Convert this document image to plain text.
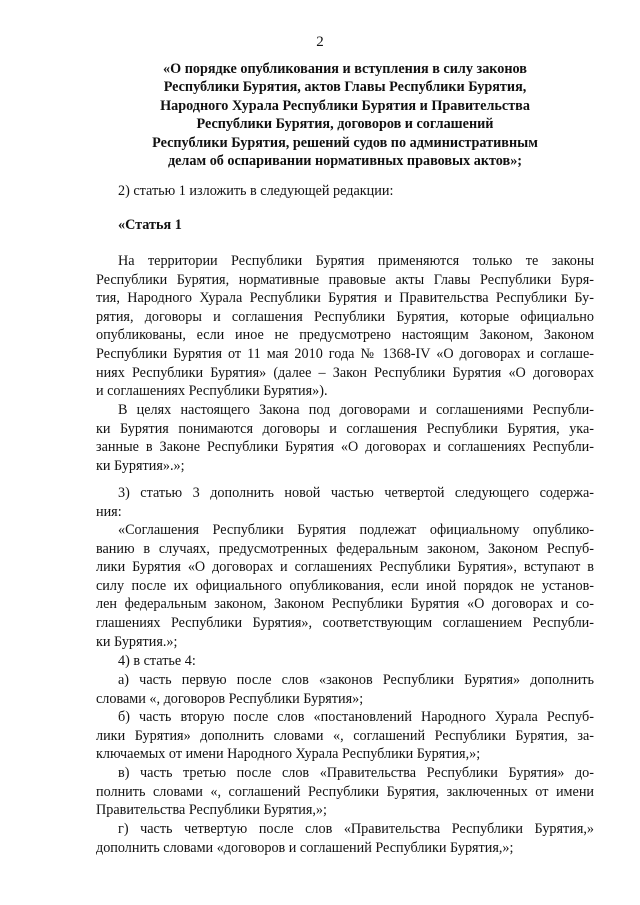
2
«О порядке опубликования и вступления в силу законов
Республики Бурятия, актов Главы Республики Бурятия,
Народного Хурала Республики Бурятия и Правительства
Республики Бурятия, договоров и соглашений
Республики Бурятия, решений судов по административным
делам об оспаривании нормативных правовых актов»;
2) статью 1 изложить в следующей редакции:
«Статья 1
На территории Республики Бурятия применяются только те законы
Республики Бурятия, нормативные правовые акты Главы Республики Буря-
тия, Народного Хурала Республики Бурятия и Правительства Республики Бу-
рятия, договоры и соглашения Республики Бурятия, которые официально
опубликованы, если иное не предусмотрено настоящим Законом, Законом
Республики Бурятия от 11 мая 2010 года № 1368-IV «О договорах и соглаше-
ниях Республики Бурятия» (далее – Закон Республики Бурятия «О договорах
и соглашениях Республики Бурятия»).
В целях настоящего Закона под договорами и соглашениями Республи-
ки Бурятия понимаются договоры и соглашения Республики Бурятия, ука-
занные в Законе Республики Бурятия «О договорах и соглашениях Республи-
ки Бурятия».»;
3) статью 3 дополнить новой частью четвертой следующего содержа-
ния:
«Соглашения Республики Бурятия подлежат официальному опублико-
ванию в случаях, предусмотренных федеральным законом, Законом Респуб-
лики Бурятия «О договорах и соглашениях Республики Бурятия», вступают в
силу после их официального опубликования, если иной порядок не установ-
лен федеральным законом, Законом Республики Бурятия «О договорах и со-
глашениях Республики Бурятия», соответствующим соглашением Республи-
ки Бурятия.»;
4) в статье 4:
а) часть первую после слов «законов Республики Бурятия» дополнить
словами «, договоров Республики Бурятия»;
б) часть вторую после слов «постановлений Народного Хурала Респуб-
лики Бурятия» дополнить словами «, соглашений Республики Бурятия, за-
ключаемых от имени Народного Хурала Республики Бурятия,»;
в) часть третью после слов «Правительства Республики Бурятия» до-
полнить словами «, соглашений Республики Бурятия, заключенных от имени
Правительства Республики Бурятия,»;
г) часть четвертую после слов «Правительства Республики Бурятия,»
дополнить словами «договоров и соглашений Республики Бурятия,»;
